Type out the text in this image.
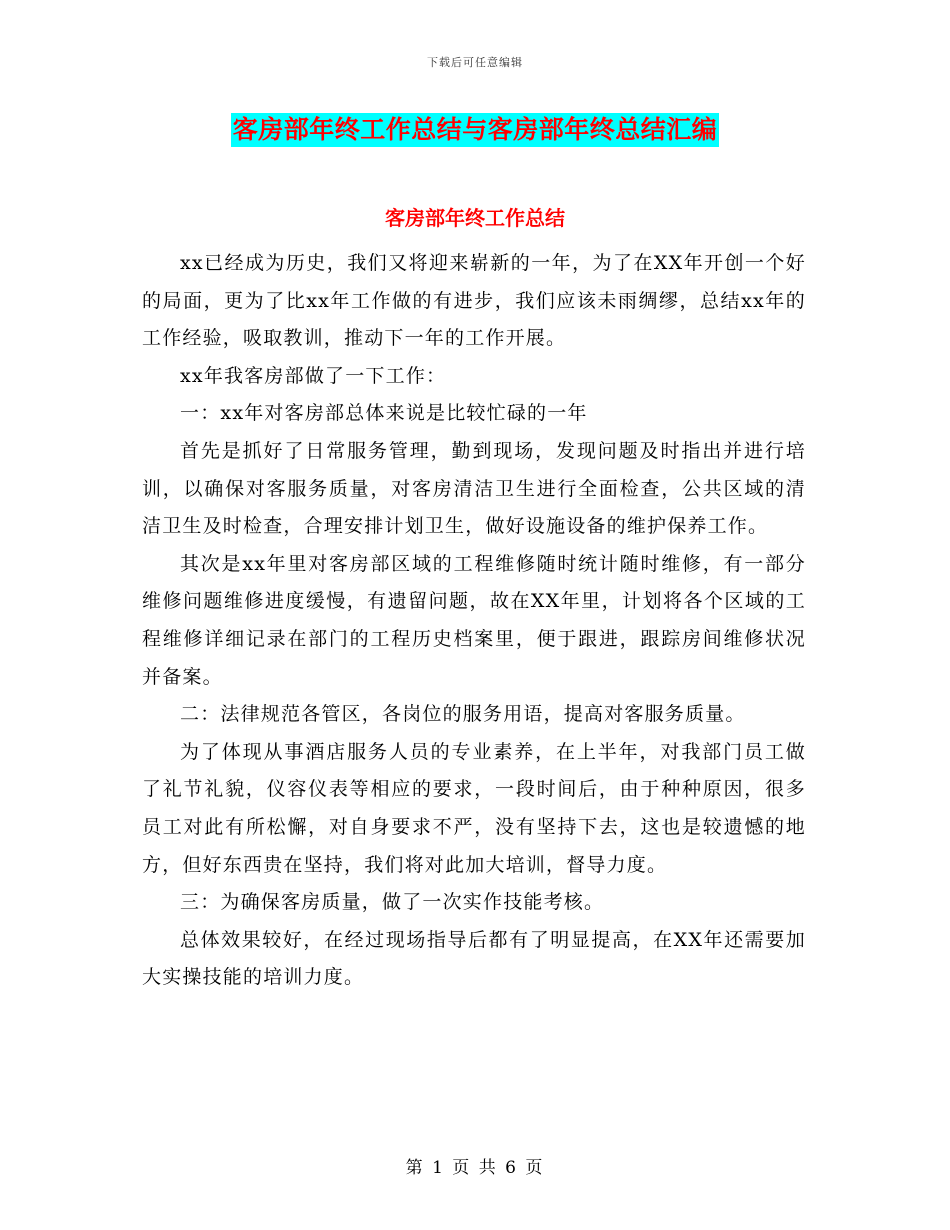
下载后可任意编辑
客房部年终工作总结与客房部年终总结汇编
客房部年终工作总结

xx已经成为历史，我们又将迎来崭新的一年，为了在XX年开创一个好的局面，更为了比xx年工作做的有进步，我们应该未雨绸缪，总结xx年的工作经验，吸取教训，推动下一年的工作开展。

xx年我客房部做了一下工作：

一：xx年对客房部总体来说是比较忙碌的一年

首先是抓好了日常服务管理，勤到现场，发现问题及时指出并进行培训，以确保对客服务质量，对客房清洁卫生进行全面检查，公共区域的清洁卫生及时检查，合理安排计划卫生，做好设施设备的维护保养工作。

其次是xx年里对客房部区域的工程维修随时统计随时维修，有一部分维修问题维修进度缓慢，有遗留问题，故在XX年里，计划将各个区域的工程维修详细记录在部门的工程历史档案里，便于跟进，跟踪房间维修状况并备案。

二：法律规范各管区，各岗位的服务用语，提高对客服务质量。

为了体现从事酒店服务人员的专业素养，在上半年，对我部门员工做了礼节礼貌，仪容仪表等相应的要求，一段时间后，由于种种原因，很多员工对此有所松懈，对自身要求不严，没有坚持下去，这也是较遗憾的地方，但好东西贵在坚持，我们将对此加大培训，督导力度。

三：为确保客房质量，做了一次实作技能考核。

总体效果较好，在经过现场指导后都有了明显提高，在XX年还需要加大实操技能的培训力度。

第 1 页 共 6 页
